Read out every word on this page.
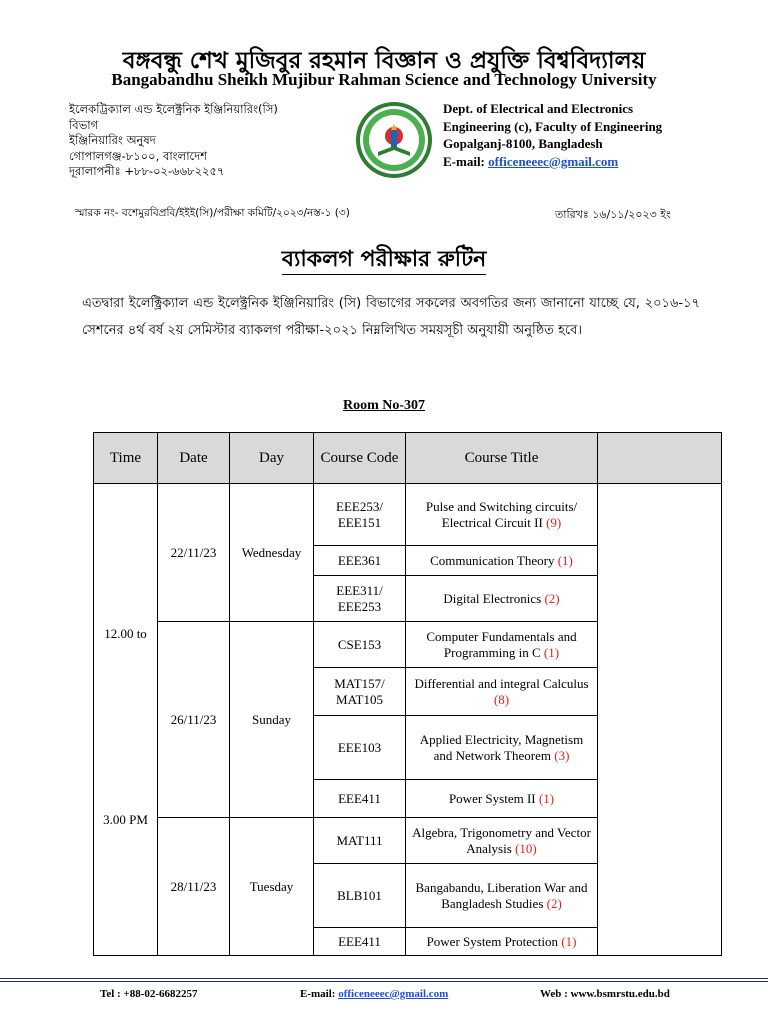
বঙ্গবন্ধু শেখ মুজিবুর রহমান বিজ্ঞান ও প্রযুক্তি বিশ্ববিদ্যালয়
Bangabandhu Sheikh Mujibur Rahman Science and Technology University
ইলেকট্রিক্যাল এন্ড ইলেক্ট্রনিক ইঞ্জিনিয়ারিং(সি)
বিভাগ
ইঞ্জিনিয়ারিং অনুষদ
গোপালগঞ্জ-৮১০০, বাংলাদেশ
দূরালাপনীঃ +৮৮-০২-৬৬৮২২৫৭
Dept. of Electrical and Electronics
Engineering (c), Faculty of Engineering
Gopalganj-8100, Bangladesh
E-mail: officeneeec@gmail.com
স্মারক নং- বশেমুরবিপ্রবি/ইইই(সি)/পরীক্ষা কমিটি/২০২৩/নস্ত-১ (৩)	তারিখঃ ১৬/১১/২০২৩ ইং
ব্যাকলগ পরীক্ষার রুটিন
এতদ্বারা ইলেক্ট্রিক্যাল এন্ড ইলেক্ট্রনিক ইঞ্জিনিয়ারিং (সি) বিভাগের সকলের অবগতির জন্য জানানো যাচ্ছে যে, ২০১৬-১৭ সেশনের ৪র্থ বর্ষ ২য় সেমিস্টার ব্যাকলগ পরীক্ষা-২০২১ নিম্নলিখিত সময়সূচী অনুযায়ী অনুষ্ঠিত হবে।
Room No-307
Time	Date	Day	Course Code	Course Title	
12.00 to
3.00 PM	22/11/23	Wednesday	EEE253/ EEE151	Pulse and Switching circuits/ Electrical Circuit II (9)	
			EEE361	Communication Theory (1)	
			EEE311/ EEE253	Digital Electronics (2)	
	26/11/23	Sunday	CSE153	Computer Fundamentals and Programming in C (1)	
			MAT157/ MAT105	Differential and integral Calculus (8)	
			EEE103	Applied Electricity, Magnetism and Network Theorem (3)	
			EEE411	Power System II (1)	
	28/11/23	Tuesday	MAT111	Algebra, Trigonometry and Vector Analysis (10)	
			BLB101	Bangabandu, Liberation War and Bangladesh Studies (2)	
			EEE411	Power System Protection (1)	
Tel : +88-02-6682257	E-mail: officeneeec@gmail.com	Web : www.bsmrstu.edu.bd
